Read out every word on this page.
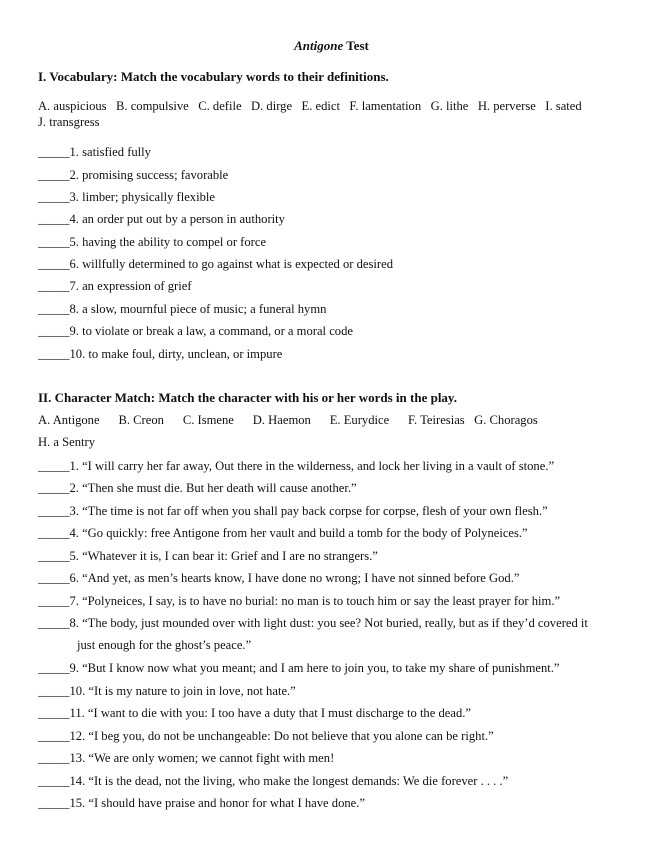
Antigone Test
I. Vocabulary: Match the vocabulary words to their definitions.
A. auspicious   B. compulsive   C. defile   D. dirge   E. edict   F. lamentation   G. lithe   H. perverse   I. sated
J. transgress
_____1. satisfied fully
_____2. promising success; favorable
_____3. limber; physically flexible
_____4. an order put out by a person in authority
_____5. having the ability to compel or force
_____6. willfully determined to go against what is expected or desired
_____7. an expression of grief
_____8. a slow, mournful piece of music; a funeral hymn
_____9. to violate or break a law, a command, or a moral code
_____10. to make foul, dirty, unclean, or impure
II. Character Match: Match the character with his or her words in the play.
A. Antigone      B. Creon      C. Ismene      D. Haemon      E. Eurydice      F. Teiresias   G. Choragos
H. a Sentry
_____1. “I will carry her far away, Out there in the wilderness, and lock her living in a vault of stone.”
_____2. “Then she must die. But her death will cause another.”
_____3. “The time is not far off when you shall pay back corpse for corpse, flesh of your own flesh.”
_____4. “Go quickly: free Antigone from her vault and build a tomb for the body of Polyneices.”
_____5. “Whatever it is, I can bear it: Grief and I are no strangers.”
_____6. “And yet, as men’s hearts know, I have done no wrong; I have not sinned before God.”
_____7. “Polyneices, I say, is to have no burial: no man is to touch him or say the least prayer for him.”
_____8. “The body, just mounded over with light dust: you see? Not buried, really, but as if they’d covered it
just enough for the ghost’s peace.”
_____9. “But I know now what you meant; and I am here to join you, to take my share of punishment.”
_____10. “It is my nature to join in love, not hate.”
_____11. “I want to die with you: I too have a duty that I must discharge to the dead.”
_____12. “I beg you, do not be unchangeable: Do not believe that you alone can be right.”
_____13. “We are only women; we cannot fight with men!
_____14. “It is the dead, not the living, who make the longest demands: We die forever . . . .”
_____15. “I should have praise and honor for what I have done.”
